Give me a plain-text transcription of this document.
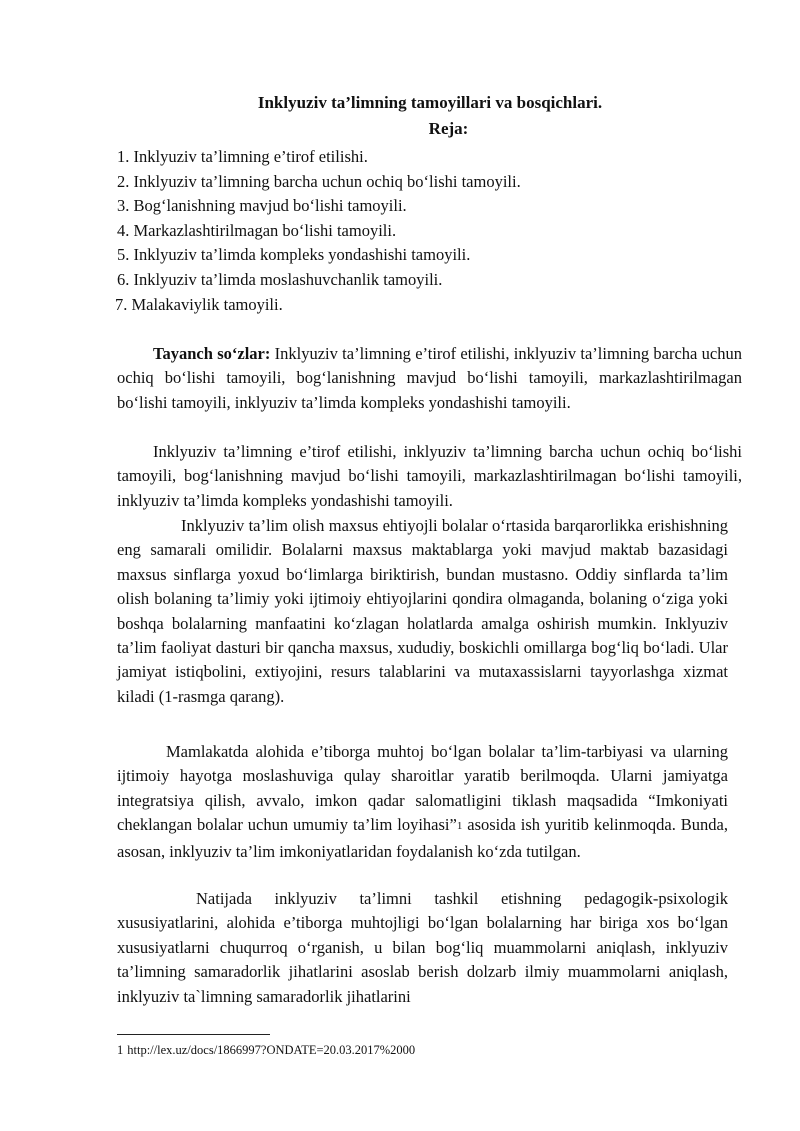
Inklyuziv ta’limning tamoyillari va bosqichlari.
Reja:
1. Inklyuziv ta’limning e’tirof etilishi.
2. Inklyuziv ta’limning barcha uchun ochiq bo‘lishi tamoyili.
3. Bog‘lanishning mavjud bo‘lishi tamoyili.
4. Markazlashtirilmagan bo‘lishi tamoyili.
5. Inklyuziv ta’limda kompleks yondashishi tamoyili.
6. Inklyuziv ta’limda moslashuvchanlik tamoyili.
7. Malakaviylik tamoyili.
Tayanch so‘zlar: Inklyuziv ta’limning e’tirof etilishi, inklyuziv ta’limning barcha uchun ochiq bo‘lishi tamoyili, bog‘lanishning mavjud bo‘lishi tamoyili, markazlashtirilmagan bo‘lishi tamoyili, inklyuziv ta’limda kompleks yondashishi tamoyili.
Inklyuziv ta’limning e’tirof etilishi, inklyuziv ta’limning barcha uchun ochiq bo‘lishi tamoyili, bog‘lanishning mavjud bo‘lishi tamoyili, markazlashtirilmagan bo‘lishi tamoyili, inklyuziv ta’limda kompleks yondashishi tamoyili.
Inklyuziv ta’lim olish maxsus ehtiyojli bolalar o‘rtasida barqarorlikka erishishning eng samarali omilidir. Bolalarni maxsus maktablarga yoki mavjud maktab bazasidagi maxsus sinflarga yoxud bo‘limlarga biriktirish, bundan mustasno. Oddiy sinflarda ta’lim olish bolaning ta’limiy yoki ijtimoiy ehtiyojlarini qondira olmaganda, bolaning o‘ziga yoki boshqa bolalarning manfaatini ko‘zlagan holatlarda amalga oshirish mumkin. Inklyuziv ta’lim faoliyat dasturi bir qancha maxsus, xududiy, boskichli omillarga bog‘liq bo‘ladi. Ular jamiyat istiqbolini, extiyojini, resurs talablarini va mutaxassislarni tayyorlashga xizmat kiladi (1-rasmga qarang).
Mamlakatda alohida e’tiborga muhtoj bo‘lgan bolalar ta’lim-tarbiyasi va ularning ijtimoiy hayotga moslashuviga qulay sharoitlar yaratib berilmoqda. Ularni jamiyatga integratsiya qilish, avvalo, imkon qadar salomatligini tiklash maqsadida “Imkoniyati cheklangan bolalar uchun umumiy ta’lim loyihasi”1 asosida ish yuritib kelinmoqda. Bunda, asosan, inklyuziv ta’lim imkoniyatlaridan foydalanish ko‘zda tutilgan.
Natijada inklyuziv ta’limni tashkil etishning pedagogik-psixologik xususiyatlarini, alohida e’tiborga muhtojligi bo‘lgan bolalarning har biriga xos bo‘lgan xususiyatlarni chuqurroq o‘rganish, u bilan bog‘liq muammolarni aniqlash, inklyuziv ta’limning samaradorlik jihatlarini asoslab berish dolzarb ilmiy muammolarni aniqlash, inklyuziv ta`limning samaradorlik jihatlarini
1 http://lex.uz/docs/1866997?ONDATE=20.03.2017%2000
